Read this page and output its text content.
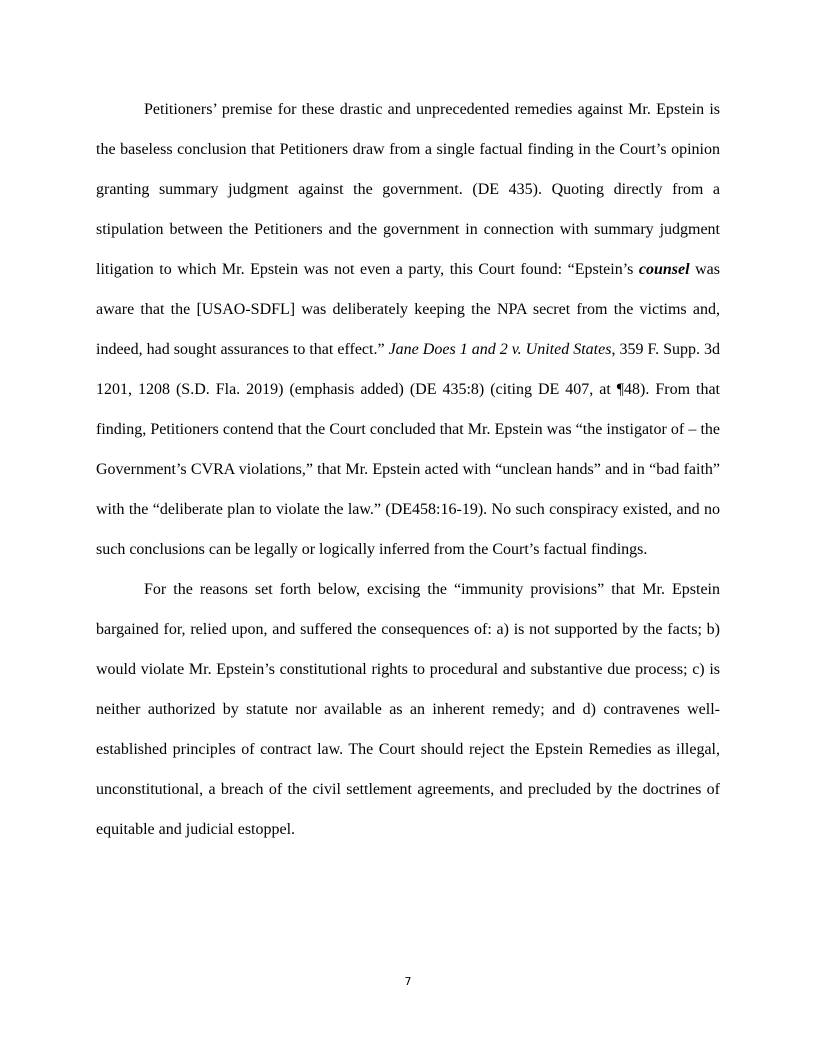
Petitioners’ premise for these drastic and unprecedented remedies against Mr. Epstein is the baseless conclusion that Petitioners draw from a single factual finding in the Court’s opinion granting summary judgment against the government. (DE 435). Quoting directly from a stipulation between the Petitioners and the government in connection with summary judgment litigation to which Mr. Epstein was not even a party, this Court found: “Epstein’s counsel was aware that the [USAO-SDFL] was deliberately keeping the NPA secret from the victims and, indeed, had sought assurances to that effect.” Jane Does 1 and 2 v. United States, 359 F. Supp. 3d 1201, 1208 (S.D. Fla. 2019) (emphasis added) (DE 435:8) (citing DE 407, at ¶48). From that finding, Petitioners contend that the Court concluded that Mr. Epstein was “the instigator of – the Government’s CVRA violations,” that Mr. Epstein acted with “unclean hands” and in “bad faith” with the “deliberate plan to violate the law.” (DE458:16-19). No such conspiracy existed, and no such conclusions can be legally or logically inferred from the Court’s factual findings.

For the reasons set forth below, excising the “immunity provisions” that Mr. Epstein bargained for, relied upon, and suffered the consequences of: a) is not supported by the facts; b) would violate Mr. Epstein’s constitutional rights to procedural and substantive due process; c) is neither authorized by statute nor available as an inherent remedy; and d) contravenes well-established principles of contract law. The Court should reject the Epstein Remedies as illegal, unconstitutional, a breach of the civil settlement agreements, and precluded by the doctrines of equitable and judicial estoppel.

7
